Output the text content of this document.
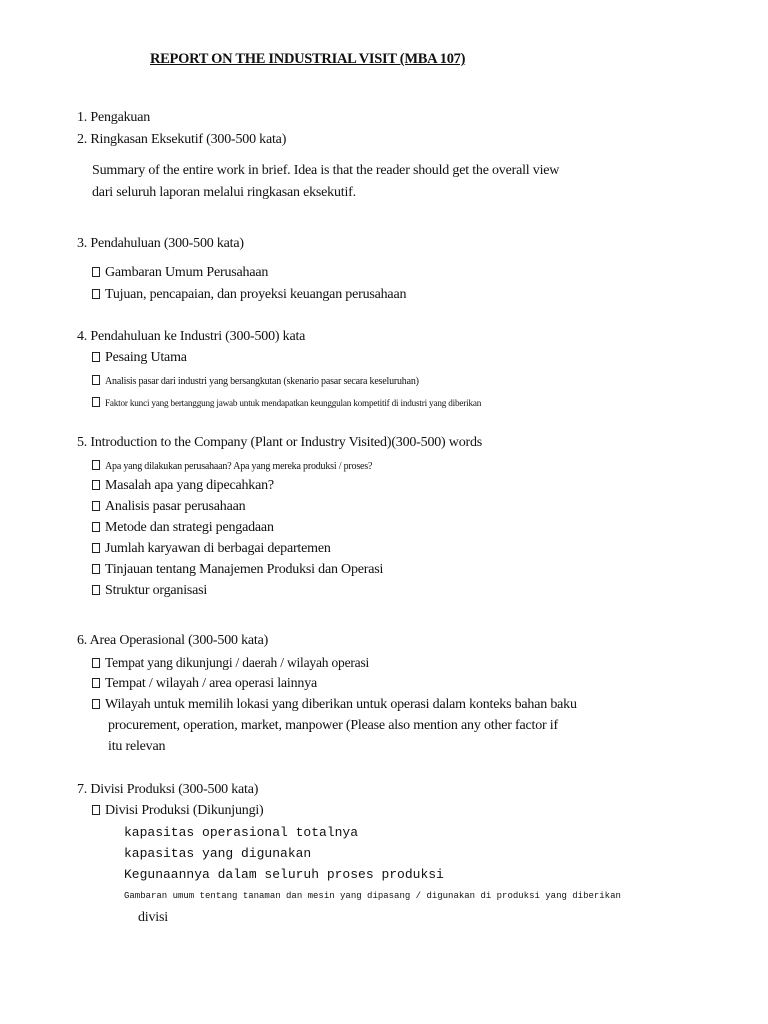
REPORT ON THE INDUSTRIAL VISIT (MBA 107)
1. Pengakuan
2. Ringkasan Eksekutif (300-500 kata)
Summary of the entire work in brief. Idea is that the reader should get the overall view
dari seluruh laporan melalui ringkasan eksekutif.
3. Pendahuluan (300-500 kata)
Gambaran Umum Perusahaan
Tujuan, pencapaian, dan proyeksi keuangan perusahaan
4. Pendahuluan ke Industri (300-500) kata
Pesaing Utama
Analisis pasar dari industri yang bersangkutan (skenario pasar secara keseluruhan)
Faktor kunci yang bertanggung jawab untuk mendapatkan keunggulan kompetitif di industri yang diberikan
5. Introduction to the Company (Plant or Industry Visited)(300-500) words
Apa yang dilakukan perusahaan? Apa yang mereka produksi / proses?
Masalah apa yang dipecahkan?
Analisis pasar perusahaan
Metode dan strategi pengadaan
Jumlah karyawan di berbagai departemen
Tinjauan tentang Manajemen Produksi dan Operasi
Struktur organisasi
6. Area Operasional (300-500 kata)
Tempat yang dikunjungi / daerah / wilayah operasi
Tempat / wilayah / area operasi lainnya
Wilayah untuk memilih lokasi yang diberikan untuk operasi dalam konteks bahan baku
procurement, operation, market, manpower (Please also mention any other factor if
itu relevan
7. Divisi Produksi (300-500 kata)
Divisi Produksi (Dikunjungi)
kapasitas operasional totalnya
kapasitas yang digunakan
Kegunaannya dalam seluruh proses produksi
Gambaran umum tentang tanaman dan mesin yang dipasang / digunakan di produksi yang diberikan
divisi
